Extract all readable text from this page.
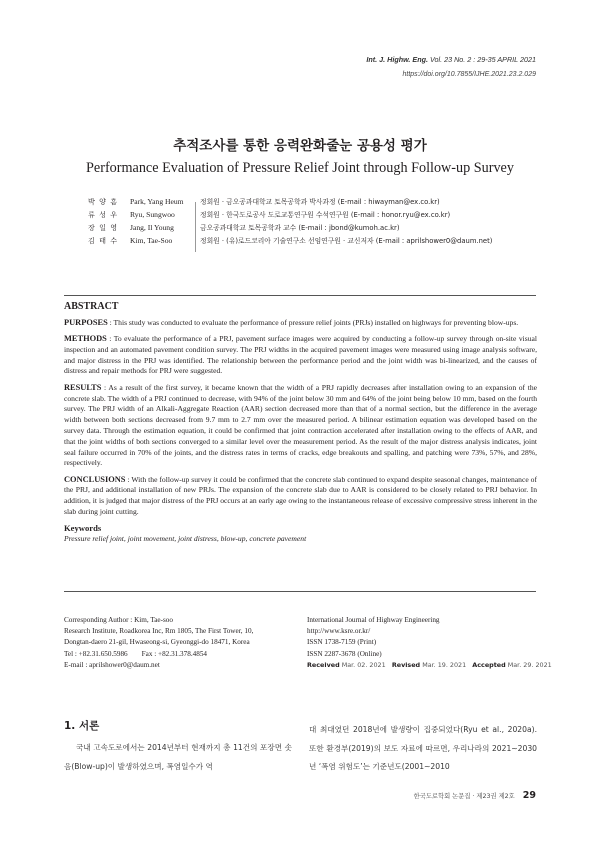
Int. J. Highw. Eng. Vol. 23 No. 2 : 29-35 APRIL 2021
https://doi.org/10.7855/IJHE.2021.23.2.029
추적조사를 통한 응력완화줄눈 공용성 평가
Performance Evaluation of Pressure Relief Joint through Follow-up Survey
박 양 흠	Park, Yang Heum	정회원 · 금오공과대학교 토목공학과 박사과정 (E-mail : hiwayman@ex.co.kr)
류 성 우	Ryu, Sungwoo	정회원 · 한국도로공사 도로교통연구원 수석연구원 (E-mail : honor.ryu@ex.co.kr)
장 일 영	Jang, Il Young	금오공과대학교 토목공학과 교수 (E-mail : jbond@kumoh.ac.kr)
김 태 수	Kim, Tae-Soo	정회원 · (유)로드코리아 기술연구소 선임연구원 · 교신저자 (E-mail : aprilshower0@daum.net)
ABSTRACT

PURPOSES : This study was conducted to evaluate the performance of pressure relief joints (PRJs) installed on highways for preventing blow-ups.

METHODS : To evaluate the performance of a PRJ, pavement surface images were acquired by conducting a follow-up survey through on-site visual inspection and an automated pavement condition survey. The PRJ widths in the acquired pavement images were measured using image analysis software, and major distress in the PRJ was identified. The relationship between the performance period and the joint width was bi-linearized, and the causes of distress and repair methods for PRJ were suggested.

RESULTS : As a result of the first survey, it became known that the width of a PRJ rapidly decreases after installation owing to an expansion of the concrete slab. The width of a PRJ continued to decrease, with 94% of the joint below 30 mm and 64% of the joint being below 10 mm, based on the fourth survey. The PRJ width of an Alkali-Aggregate Reaction (AAR) section decreased more than that of a normal section, but the difference in the average width between both sections decreased from 9.7 mm to 2.7 mm over the measured period. A bilinear estimation equation was developed based on the survey data. Through the estimation equation, it could be confirmed that joint contraction accelerated after installation owing to the effects of AAR, and that the joint widths of both sections converged to a similar level over the measurement period. As the result of the major distress analysis indicates, joint seal failure occurred in 70% of the joints, and the distress rates in terms of cracks, edge breakouts and spalling, and patching were 73%, 57%, and 28%, respectively.

CONCLUSIONS : With the follow-up survey it could be confirmed that the concrete slab continued to expand despite seasonal changes, maintenance of the PRJ, and additional installation of new PRJs. The expansion of the concrete slab due to AAR is considered to be closely related to PRJ behavior. In addition, it is judged that major distress of the PRJ occurs at an early age owing to the instantaneous release of excessive compressive stress inherent in the slab during joint cutting.

Keywords
Pressure relief joint, joint movement, joint distress, blow-up, concrete pavement
Corresponding Author : Kim, Tae-soo
Research Institute, Roadkorea Inc, Rm 1805, The First Tower, 10,
Dongtan-daero 21-gil, Hwaseong-si, Gyeonggi-do 18471, Korea
Tel : +82.31.650.5986 Fax : +82.31.378.4854
E-mail : aprilshower0@daum.net
International Journal of Highway Engineering
http://www.ksre.or.kr/
ISSN 1738-7159 (Print)
ISSN 2287-3678 (Online)
Received Mar. 02. 2021 Revised Mar. 19. 2021 Accepted Mar. 29. 2021
1. 서론
국내 고속도로에서는 2014년부터 현재까지 총 11건의 포장면 솟음(Blow-up)이 발생하였으며, 폭염일수가 역
대 최대였던 2018년에 발생량이 집중되었다(Ryu et al., 2020a). 또한 환경부(2019)의 보도 자료에 따르면, 우리나라의 2021~2030년 ‘폭염 위험도’는 기준년도(2001~2010
한국도로학회 논문집 · 제23권 제2호 29
